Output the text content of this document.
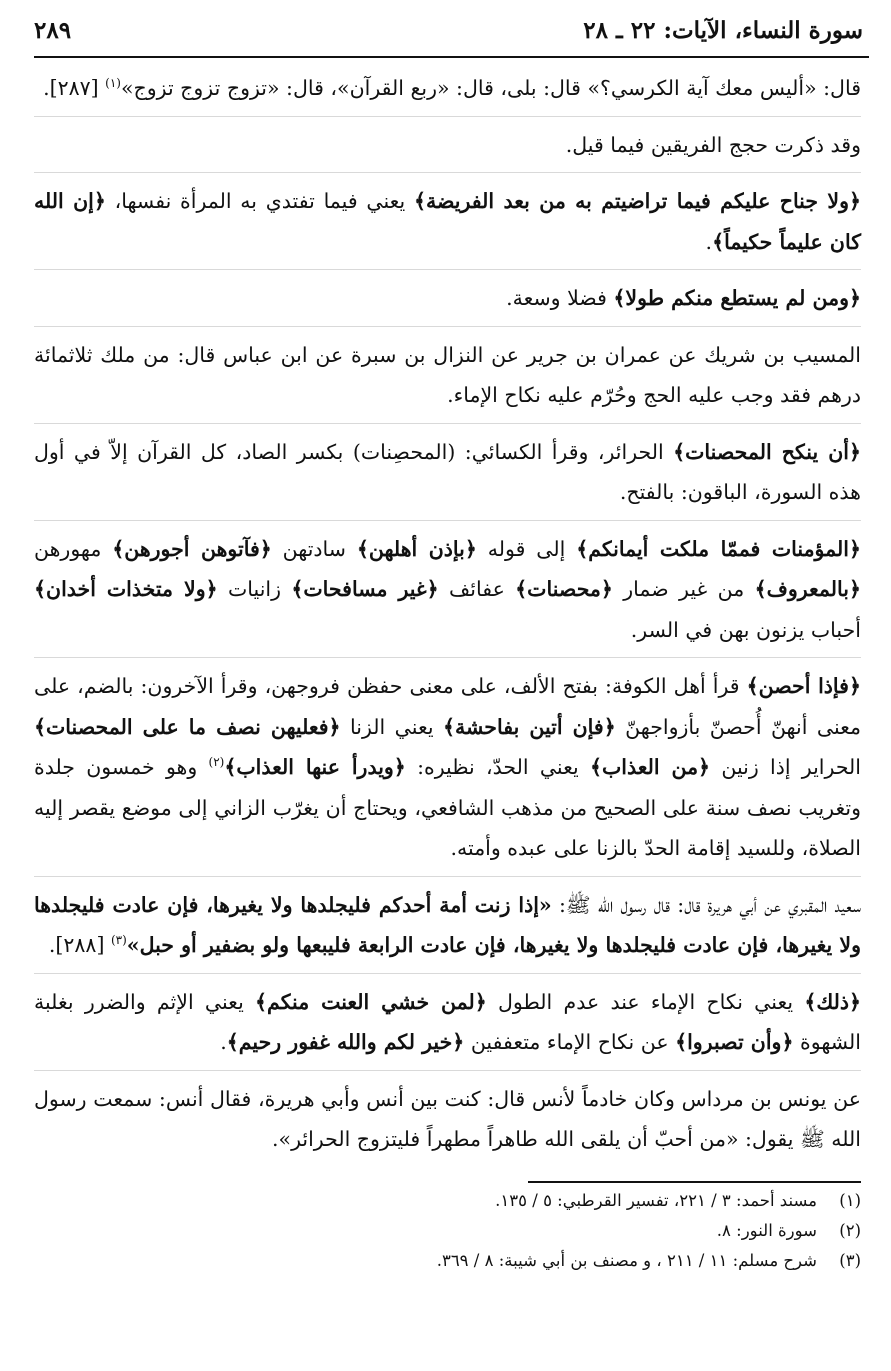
سورة النساء، الآيات: ٢٢ ـ ٢٨
٢٨٩

قال: «أليس معك آية الكرسي؟» قال: بلى، قال: «ربع القرآن»، قال: «تزوج تزوج تزوج»$^{(١)}$ [٢٨٧].

وقد ذكرت حجج الفريقين فيما قيل.

﴿ولا جناح عليكم فيما تراضيتم به من بعد الفريضة﴾ يعني فيما تفتدي به المرأة نفسها، ﴿إن الله كان عليماً حكيماً﴾.

﴿ومن لم يستطع منكم طولا﴾ فضلا وسعة.

المسيب بن شريك عن عمران بن جرير عن النزال بن سبرة عن ابن عباس قال: من ملك ثلاثمائة درهم فقد وجب عليه الحج وحُرّم عليه نكاح الإماء.

﴿أن ينكح المحصنات﴾ الحرائر، وقرأ الكسائي: (المحصِنات) بكسر الصاد، كل القرآن إلاّ في أول هذه السورة، الباقون: بالفتح.

﴿المؤمنات فممّا ملكت أيمانكم﴾ إلى قوله ﴿بإذن أهلهن﴾ سادتهن ﴿فآتوهن أجورهن﴾ مهورهن ﴿بالمعروف﴾ من غير ضمار ﴿محصنات﴾ عفائف ﴿غير مسافحات﴾ زانيات ﴿ولا متخذات أخدان﴾ أحباب يزنون بهن في السر.

﴿فإذا أحصن﴾ قرأ أهل الكوفة: بفتح الألف، على معنى حفظن فروجهن، وقرأ الآخرون: بالضم، على معنى أنهنّ أُحصنّ بأزواجهنّ ﴿فإن أتين بفاحشة﴾ يعني الزنا ﴿فعليهن نصف ما على المحصنات﴾ الحراير إذا زنين ﴿من العذاب﴾ يعني الحدّ، نظيره: ﴿ويدرأ عنها العذاب﴾$^{(٢)}$ وهو خمسون جلدة وتغريب نصف سنة على الصحيح من مذهب الشافعي، ويحتاج أن يغرّب الزاني إلى موضع يقصر إليه الصلاة، وللسيد إقامة الحدّ بالزنا على عبده وأمته.

سعيد المقبري عن أبي هريرة قال: قال رسول الله ﷺ: «إذا زنت أمة أحدكم فليجلدها ولا يغيرها، فإن عادت فليجلدها ولا يغيرها، فإن عادت فليجلدها ولا يغيرها، فإن عادت الرابعة فليبعها ولو بضفير أو حبل»$^{(٣)}$ [٢٨٨].

﴿ذلك﴾ يعني نكاح الإماء عند عدم الطول ﴿لمن خشي العنت منكم﴾ يعني الإثم والضرر بغلبة الشهوة ﴿وأن تصبروا﴾ عن نكاح الإماء متعففين ﴿خير لكم والله غفور رحيم﴾.

عن يونس بن مرداس وكان خادماً لأنس قال: كنت بين أنس وأبي هريرة، فقال أنس: سمعت رسول الله ﷺ يقول: «من أحبّ أن يلقى الله طاهراً مطهراً فليتزوج الحرائر».

(١)
مسند أحمد: ٣ / ٢٢١، تفسير القرطبي: ٥ / ١٣٥.
(٢)
سورة النور: ٨.
(٣)
شرح مسلم: ١١ / ٢١١ ، و مصنف بن أبي شيبة: ٨ / ٣٦٩.
